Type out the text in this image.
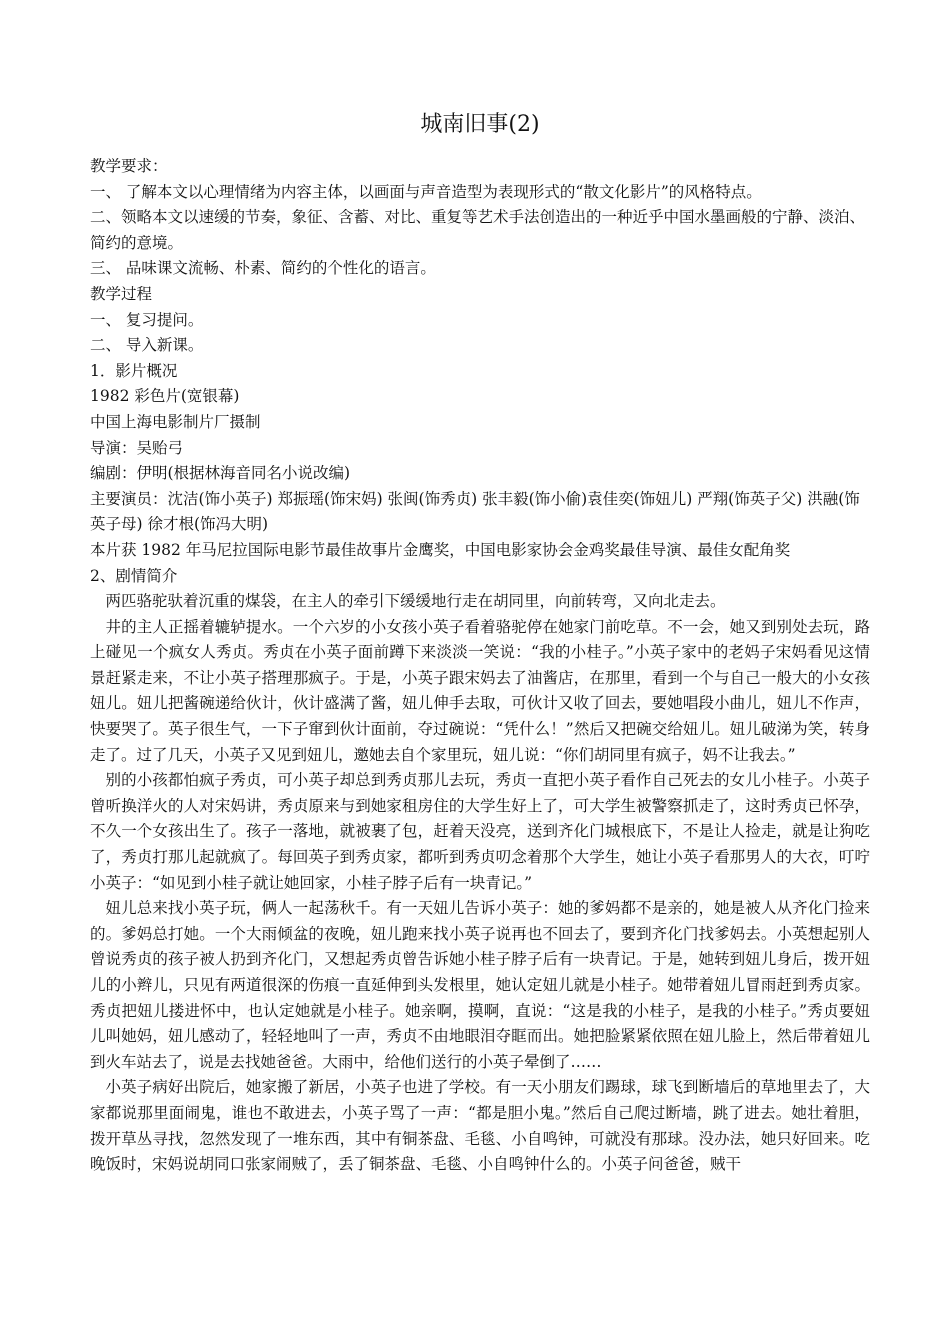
城南旧事(2)

教学要求：

一、 了解本文以心理情绪为内容主体，以画面与声音造型为表现形式的“散文化影片”的风格特点。

二、领略本文以速缓的节奏，象征、含蓄、对比、重复等艺术手法创造出的一种近乎中国水墨画般的宁静、淡泊、简约的意境。

三、 品味课文流畅、朴素、简约的个性化的语言。

教学过程

一、 复习提问。

二、 导入新课。

1．影片概况

1982 彩色片(宽银幕)

中国上海电影制片厂摄制

导演：吴贻弓

编剧：伊明(根据林海音同名小说改编)

主要演员：沈洁(饰小英子) 郑振瑶(饰宋妈) 张闽(饰秀贞) 张丰毅(饰小偷)袁佳奕(饰妞儿) 严翔(饰英子父) 洪融(饰英子母) 徐才根(饰冯大明)

本片获 1982 年马尼拉国际电影节最佳故事片金鹰奖，中国电影家协会金鸡奖最佳导演、最佳女配角奖

2、剧情简介

两匹骆驼驮着沉重的煤袋，在主人的牵引下缓缓地行走在胡同里，向前转弯，又向北走去。

井的主人正摇着辘轳提水。一个六岁的小女孩小英子看着骆驼停在她家门前吃草。不一会，她又到别处去玩，路上碰见一个疯女人秀贞。秀贞在小英子面前蹲下来淡淡一笑说：“我的小桂子。”小英子家中的老妈子宋妈看见这情景赶紧走来，不让小英子搭理那疯子。于是，小英子跟宋妈去了油酱店，在那里，看到一个与自己一般大的小女孩妞儿。妞儿把酱碗递给伙计，伙计盛满了酱，妞儿伸手去取，可伙计又收了回去，要她唱段小曲儿，妞儿不作声，快要哭了。英子很生气，一下子窜到伙计面前，夺过碗说：“凭什么！”然后又把碗交给妞儿。妞儿破涕为笑，转身走了。过了几天，小英子又见到妞儿，邀她去自个家里玩，妞儿说：“你们胡同里有疯子，妈不让我去。”

别的小孩都怕疯子秀贞，可小英子却总到秀贞那儿去玩，秀贞一直把小英子看作自己死去的女儿小桂子。小英子曾听换洋火的人对宋妈讲，秀贞原来与到她家租房住的大学生好上了，可大学生被警察抓走了，这时秀贞已怀孕，不久一个女孩出生了。孩子一落地，就被裹了包，赶着天没亮，送到齐化门城根底下，不是让人捡走，就是让狗吃了，秀贞打那儿起就疯了。每回英子到秀贞家，都听到秀贞叨念着那个大学生，她让小英子看那男人的大衣，叮咛小英子：“如见到小桂子就让她回家，小桂子脖子后有一块青记。”

妞儿总来找小英子玩，俩人一起荡秋千。有一天妞儿告诉小英子：她的爹妈都不是亲的，她是被人从齐化门捡来的。爹妈总打她。一个大雨倾盆的夜晚，妞儿跑来找小英子说再也不回去了，要到齐化门找爹妈去。小英想起别人曾说秀贞的孩子被人扔到齐化门，又想起秀贞曾告诉她小桂子脖子后有一块青记。于是，她转到妞儿身后，拨开妞儿的小辫儿，只见有两道很深的伤痕一直延伸到头发根里，她认定妞儿就是小桂子。她带着妞儿冒雨赶到秀贞家。秀贞把妞儿搂进怀中，也认定她就是小桂子。她亲啊，摸啊，直说：“这是我的小桂子，是我的小桂子。”秀贞要妞儿叫她妈，妞儿感动了，轻轻地叫了一声，秀贞不由地眼泪夺眶而出。她把脸紧紧依照在妞儿脸上，然后带着妞儿到火车站去了，说是去找她爸爸。大雨中，给他们送行的小英子晕倒了……

小英子病好出院后，她家搬了新居，小英子也进了学校。有一天小朋友们踢球，球飞到断墙后的草地里去了，大家都说那里面闹鬼，谁也不敢进去，小英子骂了一声：“都是胆小鬼。”然后自己爬过断墙，跳了进去。她壮着胆，拨开草丛寻找，忽然发现了一堆东西，其中有铜茶盘、毛毯、小自鸣钟，可就没有那球。没办法，她只好回来。吃晚饭时，宋妈说胡同口张家闹贼了，丢了铜茶盘、毛毯、小自鸣钟什么的。小英子问爸爸，贼干
